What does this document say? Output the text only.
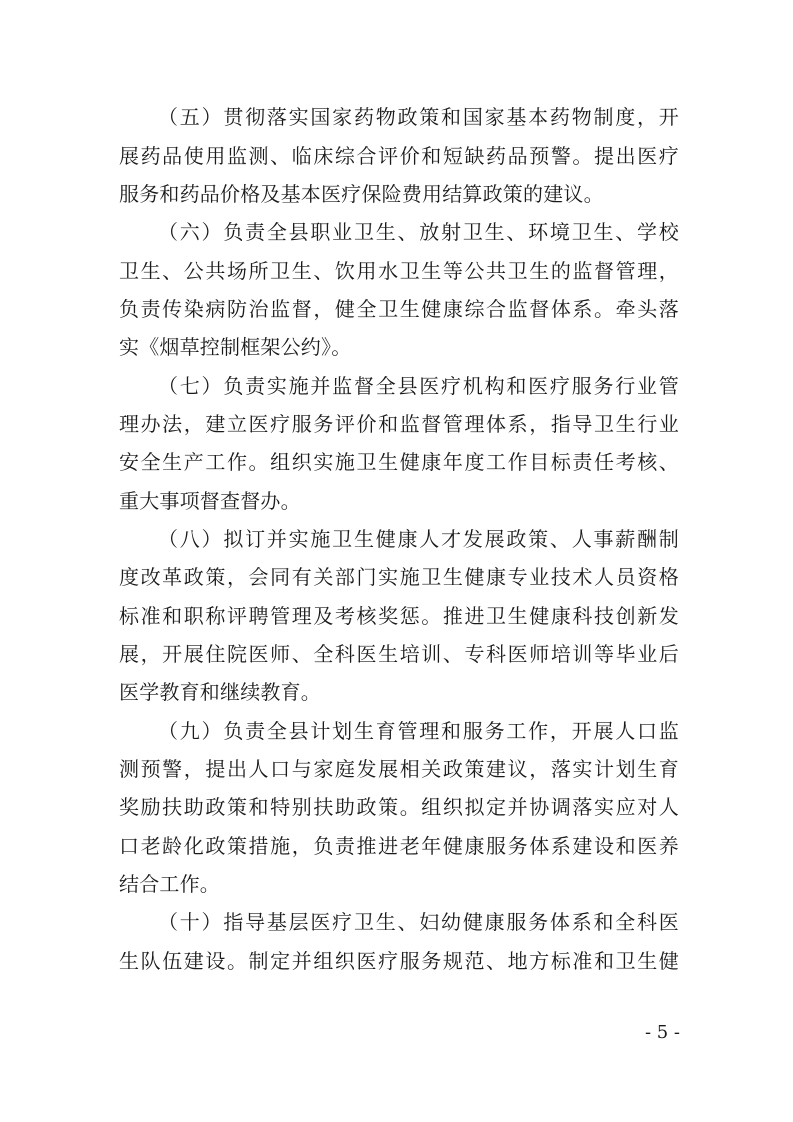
（五）贯彻落实国家药物政策和国家基本药物制度，开
展药品使用监测、临床综合评价和短缺药品预警。提出医疗
服务和药品价格及基本医疗保险费用结算政策的建议。
（六）负责全县职业卫生、放射卫生、环境卫生、学校
卫生、公共场所卫生、饮用水卫生等公共卫生的监督管理，
负责传染病防治监督，健全卫生健康综合监督体系。牵头落
实《烟草控制框架公约》。
（七）负责实施并监督全县医疗机构和医疗服务行业管
理办法，建立医疗服务评价和监督管理体系，指导卫生行业
安全生产工作。组织实施卫生健康年度工作目标责任考核、
重大事项督查督办。
（八）拟订并实施卫生健康人才发展政策、人事薪酬制
度改革政策，会同有关部门实施卫生健康专业技术人员资格
标准和职称评聘管理及考核奖惩。推进卫生健康科技创新发
展，开展住院医师、全科医生培训、专科医师培训等毕业后
医学教育和继续教育。
（九）负责全县计划生育管理和服务工作，开展人口监
测预警，提出人口与家庭发展相关政策建议，落实计划生育
奖励扶助政策和特别扶助政策。组织拟定并协调落实应对人
口老龄化政策措施，负责推进老年健康服务体系建设和医养
结合工作。
（十）指导基层医疗卫生、妇幼健康服务体系和全科医
生队伍建设。制定并组织医疗服务规范、地方标准和卫生健
- 5 -
